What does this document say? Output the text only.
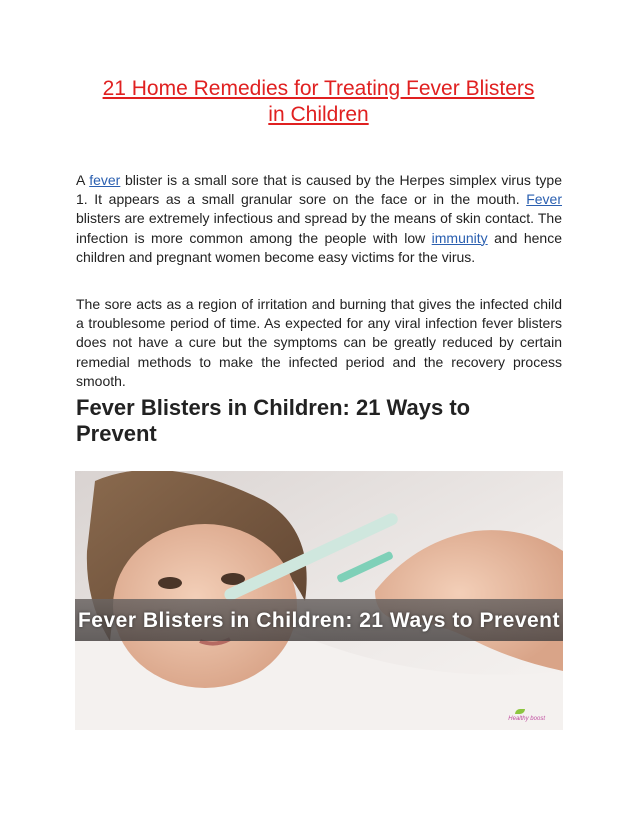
21 Home Remedies for Treating Fever Blisters
in Children
A fever blister is a small sore that is caused by the Herpes simplex virus type 1. It appears as a small granular sore on the face or in the mouth. Fever blisters are extremely infectious and spread by the means of skin contact. The infection is more common among the people with low immunity and hence children and pregnant women become easy victims for the virus.
The sore acts as a region of irritation and burning that gives the infected child a troublesome period of time. As expected for any viral infection fever blisters does not have a cure but the symptoms can be greatly reduced by certain remedial methods to make the infected period and the recovery process smooth.
Fever Blisters in Children: 21 Ways to
Prevent
Fever Blisters in Children: 21 Ways to Prevent
Healthy boost
